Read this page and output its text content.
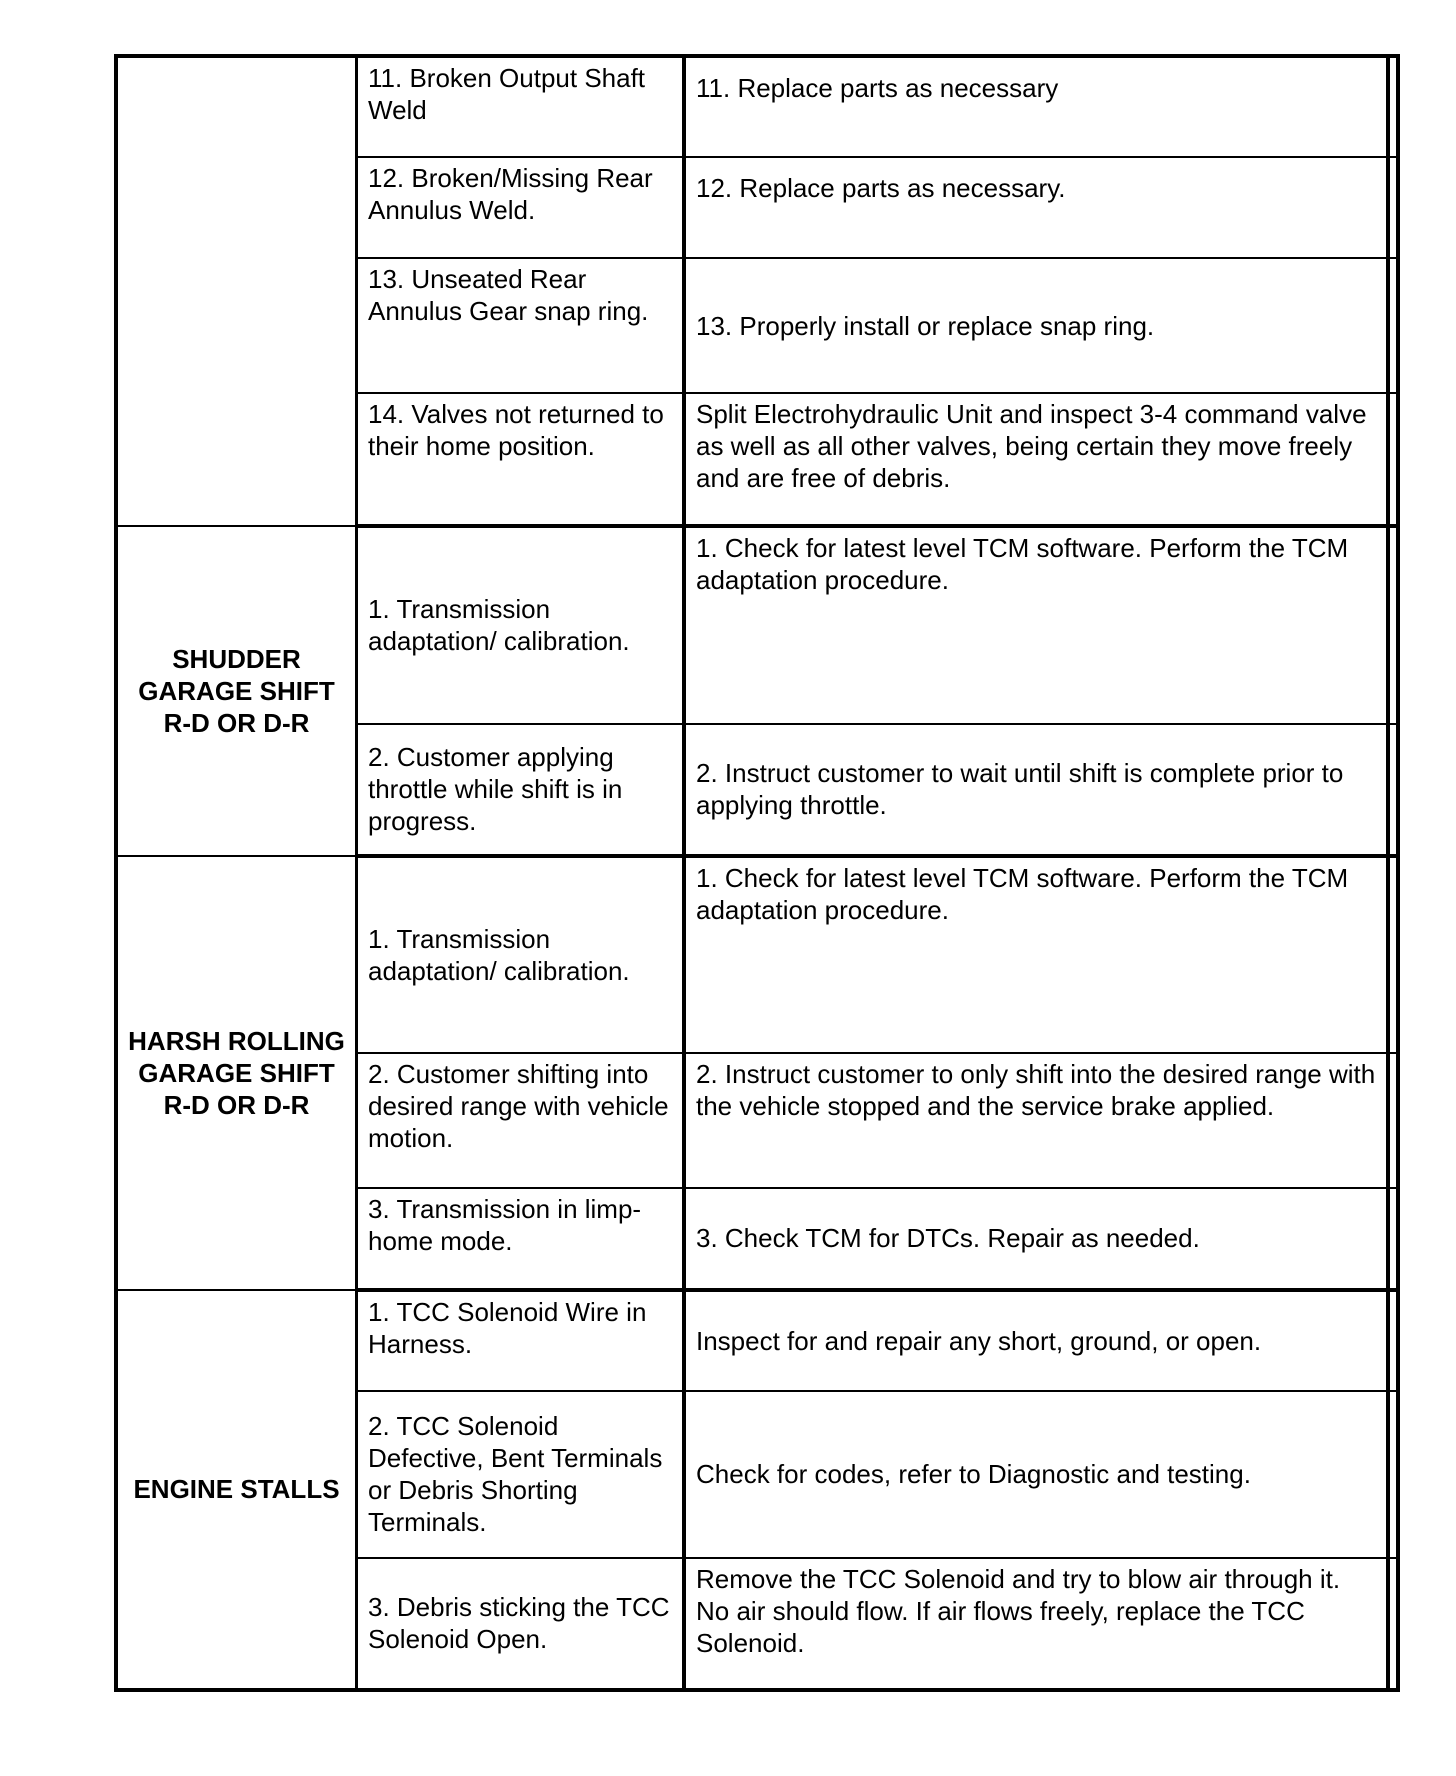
	11. Broken Output Shaft Weld	11. Replace parts as necessary	
	12. Broken/Missing Rear Annulus Weld.	12. Replace parts as necessary.	
	13. Unseated Rear Annulus Gear snap ring.	13. Properly install or replace snap ring.	
	14. Valves not returned to their home position.	Split Electrohydraulic Unit and inspect 3-4 command valve as well as all other valves, being certain they move freely and are free of debris.	
SHUDDER GARAGE SHIFT R-D OR D-R	1. Transmission adaptation/ calibration.	1. Check for latest level TCM software. Perform the TCM adaptation procedure.	
	2. Customer applying throttle while shift is in progress.	2. Instruct customer to wait until shift is complete prior to applying throttle.	
HARSH ROLLING GARAGE SHIFT R-D OR D-R	1. Transmission adaptation/ calibration.	1. Check for latest level TCM software. Perform the TCM adaptation procedure.	
	2. Customer shifting into desired range with vehicle motion.	2. Instruct customer to only shift into the desired range with the vehicle stopped and the service brake applied.	
	3. Transmission in limp-home mode.	3. Check TCM for DTCs. Repair as needed.	
ENGINE STALLS	1. TCC Solenoid Wire in Harness.	Inspect for and repair any short, ground, or open.	
	2. TCC Solenoid Defective, Bent Terminals or Debris Shorting Terminals.	Check for codes, refer to Diagnostic and testing.	
	3. Debris sticking the TCC Solenoid Open.	Remove the TCC Solenoid and try to blow air through it. No air should flow. If air flows freely, replace the TCC Solenoid.	
